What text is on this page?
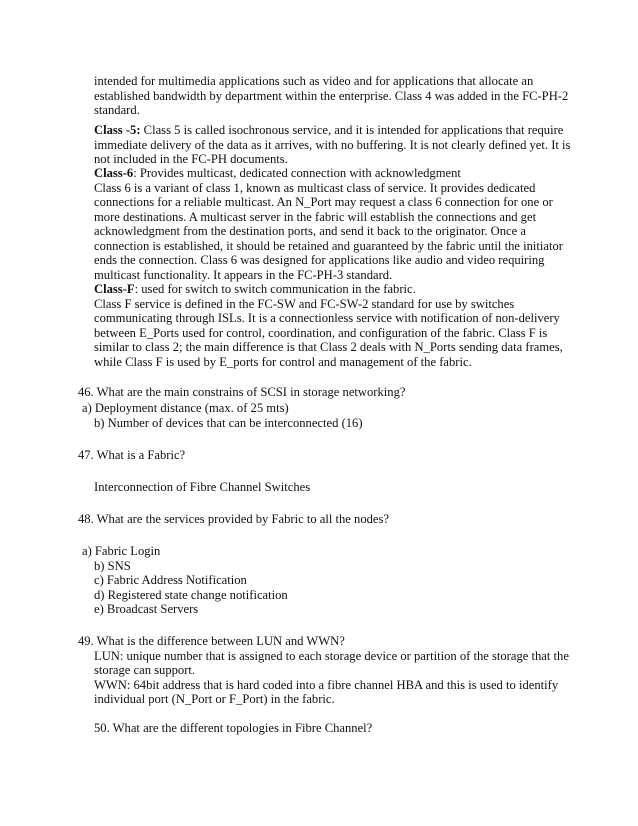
intended for multimedia applications such as video and for applications that allocate an established bandwidth by department within the enterprise. Class 4 was added in the FC-PH-2 standard.

Class -5: Class 5 is called isochronous service, and it is intended for applications that require immediate delivery of the data as it arrives, with no buffering. It is not clearly defined yet. It is not included in the FC-PH documents.

Class-6: Provides multicast, dedicated connection with acknowledgment

Class 6 is a variant of class 1, known as multicast class of service. It provides dedicated connections for a reliable multicast. An N_Port may request a class 6 connection for one or more destinations. A multicast server in the fabric will establish the connections and get acknowledgment from the destination ports, and send it back to the originator. Once a connection is established, it should be retained and guaranteed by the fabric until the initiator ends the connection. Class 6 was designed for applications like audio and video requiring multicast functionality. It appears in the FC-PH-3 standard.

Class-F: used for switch to switch communication in the fabric.

Class F service is defined in the FC-SW and FC-SW-2 standard for use by switches communicating through ISLs. It is a connectionless service with notification of non-delivery between E_Ports used for control, coordination, and configuration of the fabric. Class F is similar to class 2; the main difference is that Class 2 deals with N_Ports sending data frames, while Class F is used by E_ports for control and management of the fabric.

46. What are the main constrains of SCSI in storage networking?

a) Deployment distance (max. of 25 mts)

b) Number of devices that can be interconnected (16)

47. What is a Fabric?

Interconnection of Fibre Channel Switches

48. What are the services provided by Fabric to all the nodes?

a) Fabric Login

b) SNS

c) Fabric Address Notification

d) Registered state change notification

e) Broadcast Servers

49. What is the difference between LUN and WWN?

LUN: unique number that is assigned to each storage device or partition of the storage that the storage can support.

WWN: 64bit address that is hard coded into a fibre channel HBA and this is used to identify individual port (N_Port or F_Port) in the fabric.

50. What are the different topologies in Fibre Channel?
